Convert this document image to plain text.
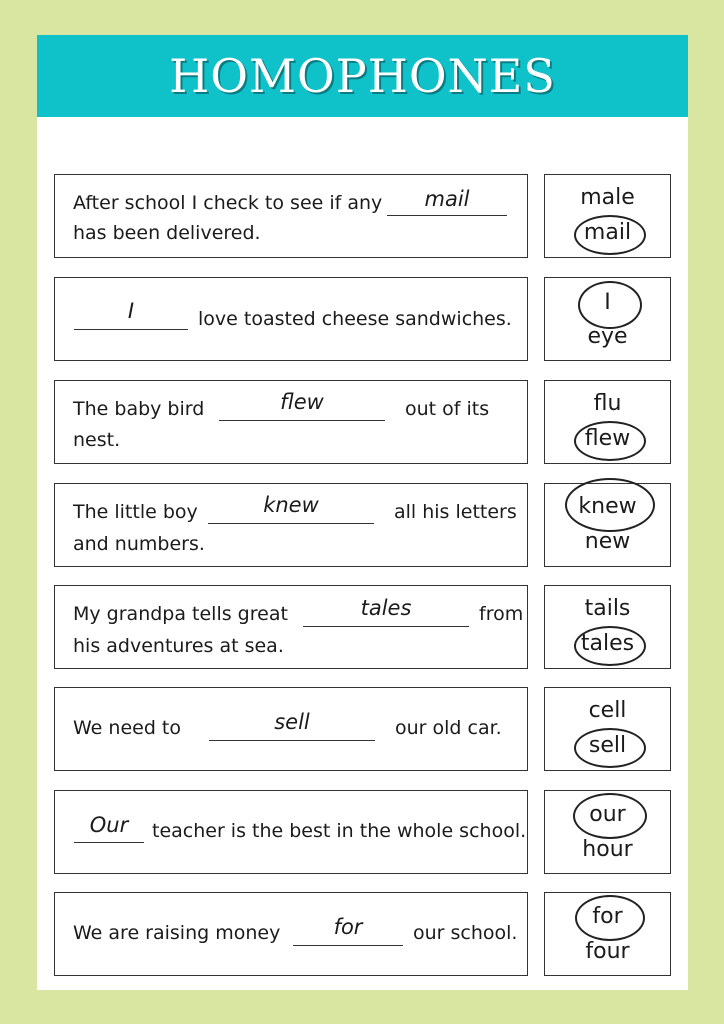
HOMOPHONES
After school I check to see if any	mail
has been delivered.
male
mail
I	love toasted cheese sandwiches.
I
eye
The baby bird	flew	out of its
nest.
flu
flew
The little boy	knew	all his letters
and numbers.
knew
new
My grandpa tells great	tales	from
his adventures at sea.
tails
tales
We need to	sell	our old car.
cell
sell
Our	teacher is the best in the whole school.
our
hour
We are raising money	for	our school.
for
four
